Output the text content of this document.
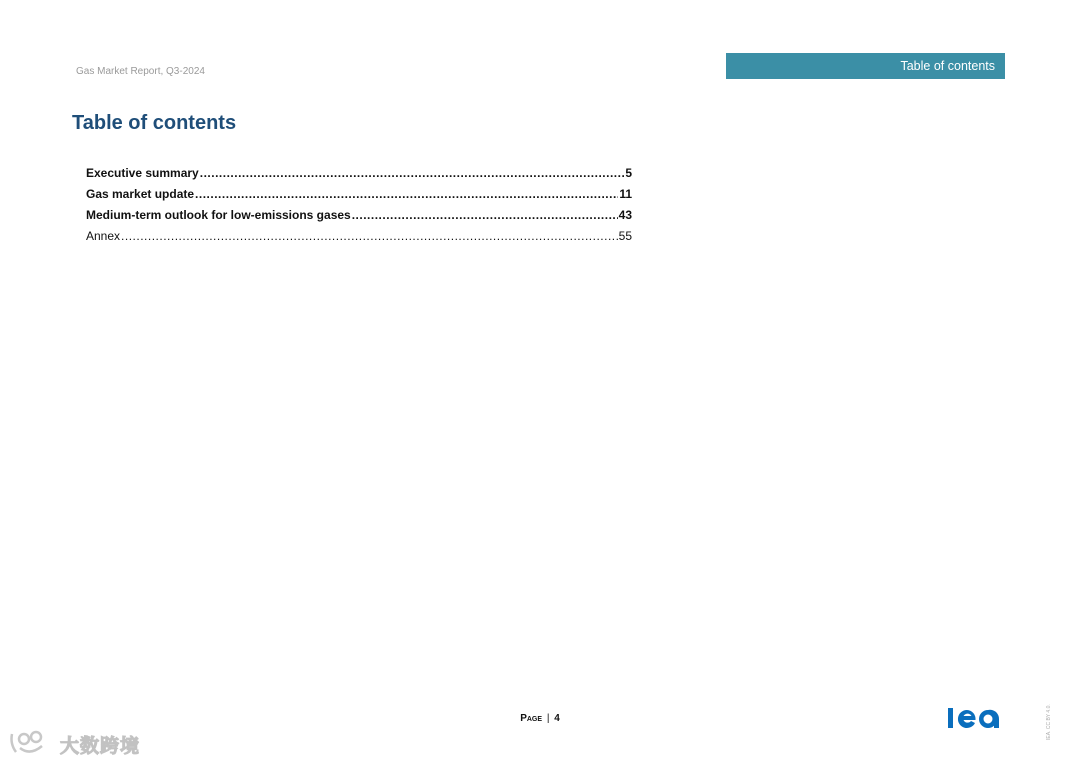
Gas Market Report, Q3-2024	Table of contents
Table of contents
Executive summary .....	5
Gas market update .....	11
Medium-term outlook for low-emissions gases .....	43
Annex .....	55
Page | 4	IEA. CC BY 4.0.
大数跨境
